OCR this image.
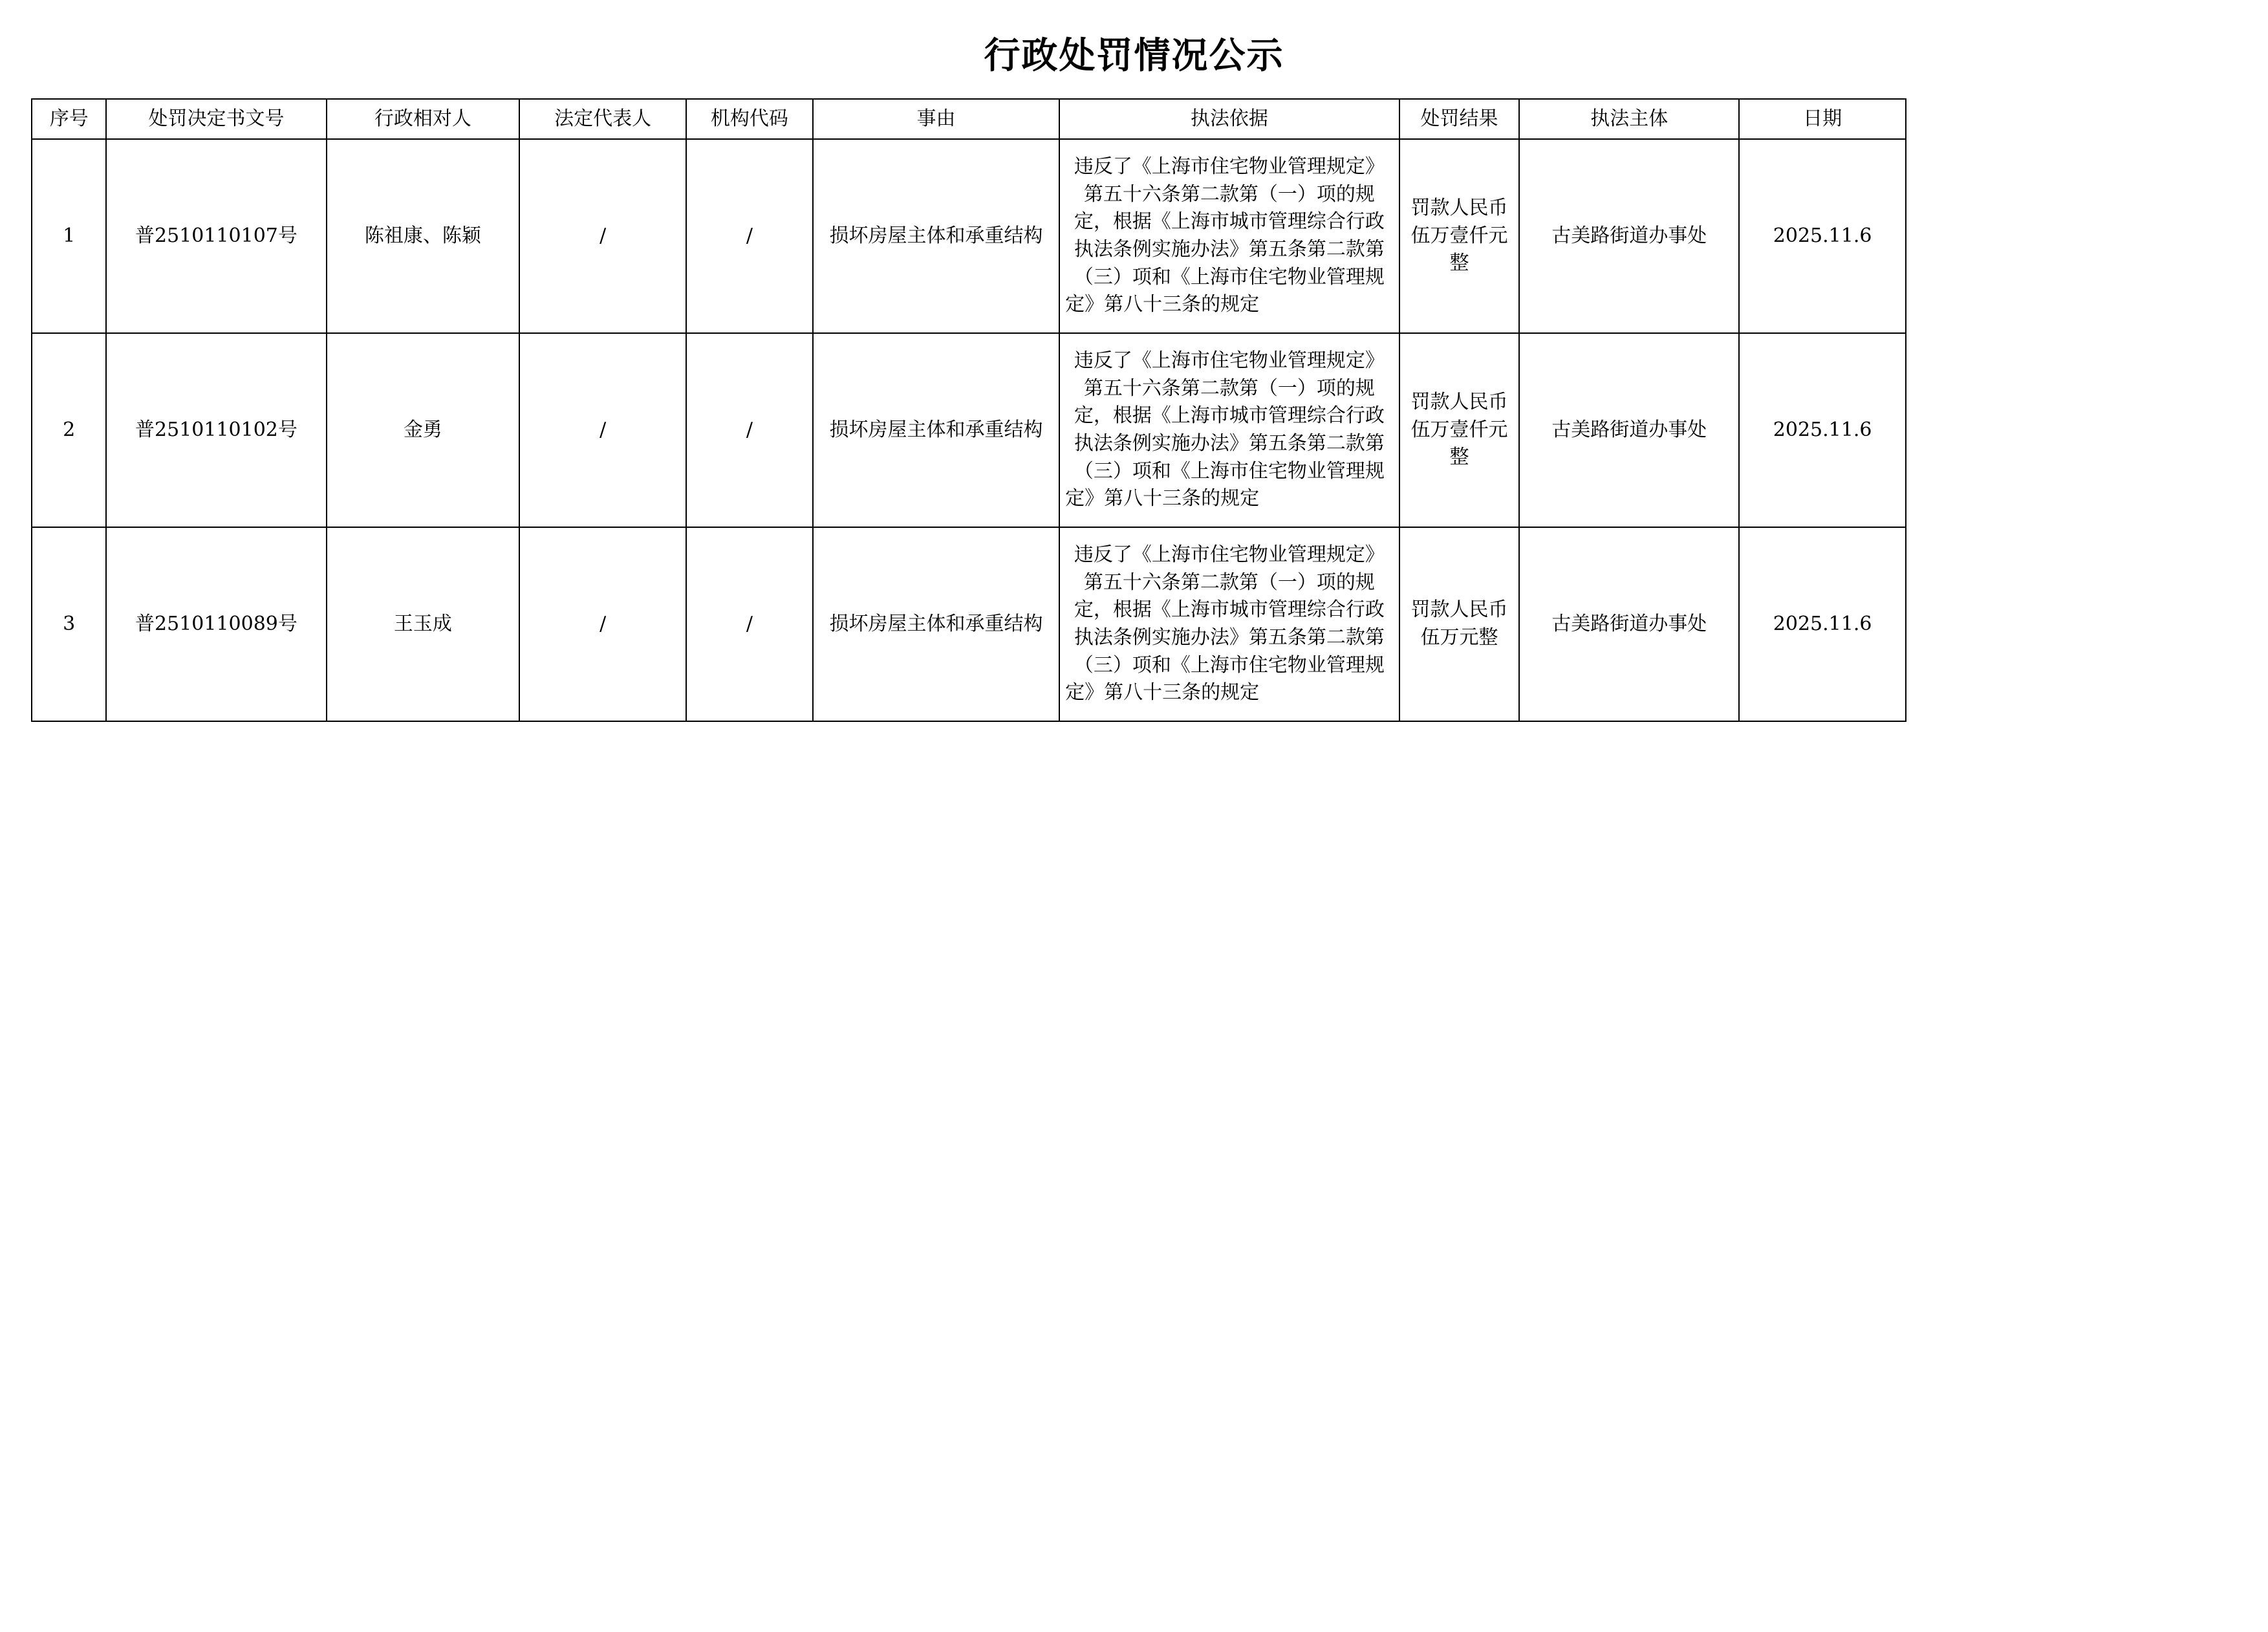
行政处罚情况公示
序号	处罚决定书文号	行政相对人	法定代表人	机构代码	事由	执法依据	处罚结果	执法主体	日期
1	普2510110107号	陈祖康、陈颖	/	/	损坏房屋主体和承重结构	违反了《上海市住宅物业管理规定》第五十六条第二款第（一）项的规定，根据《上海市城市管理综合行政执法条例实施办法》第五条第二款第（三）项和《上海市住宅物业管理规定》第八十三条的规定	罚款人民币伍万壹仟元整	古美路街道办事处	2025.11.6
2	普2510110102号	金勇	/	/	损坏房屋主体和承重结构	违反了《上海市住宅物业管理规定》第五十六条第二款第（一）项的规定，根据《上海市城市管理综合行政执法条例实施办法》第五条第二款第（三）项和《上海市住宅物业管理规定》第八十三条的规定	罚款人民币伍万壹仟元整	古美路街道办事处	2025.11.6
3	普2510110089号	王玉成	/	/	损坏房屋主体和承重结构	违反了《上海市住宅物业管理规定》第五十六条第二款第（一）项的规定，根据《上海市城市管理综合行政执法条例实施办法》第五条第二款第（三）项和《上海市住宅物业管理规定》第八十三条的规定	罚款人民币伍万元整	古美路街道办事处	2025.11.6
